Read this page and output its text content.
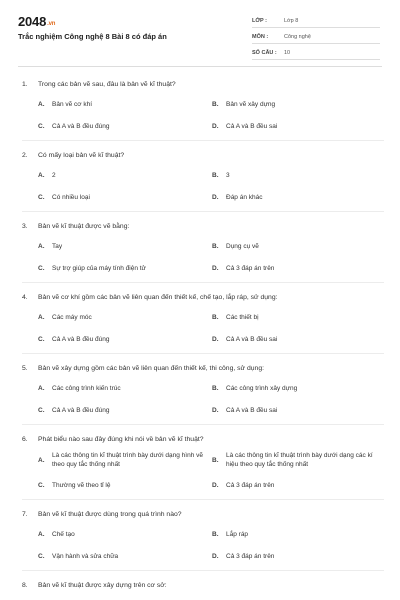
2048.vn
Trắc nghiệm Công nghệ 8 Bài 8 có đáp án
LỚP :	Lớp 8
MÔN :	Công nghệ
SỐ CÂU :	10
1.	Trong các bản vẽ sau, đâu là bản vẽ kĩ thuật?
A.	Bản vẽ cơ khí	B.	Bản vẽ xây dựng
C.	Cả A và B đều đúng	D.	Cả A và B đều sai
2.	Có mấy loại bản vẽ kĩ thuật?
A.	2	B.	3
C.	Có nhiều loại	D.	Đáp án khác
3.	Bản vẽ kĩ thuật được vẽ bằng:
A.	Tay	B.	Dụng cụ vẽ
C.	Sự trợ giúp của máy tính điện tử	D.	Cả 3 đáp án trên
4.	Bản vẽ cơ khí gồm các bản vẽ liên quan đến thiết kế, chế tạo, lắp ráp, sử dụng:
A.	Các máy móc	B.	Các thiết bị
C.	Cả A và B đều đúng	D.	Cả A và B đều sai
5.	Bản vẽ xây dựng gồm các bản vẽ liên quan đến thiết kế, thi công, sử dụng:
A.	Các công trình kiến trúc	B.	Các công trình xây dựng
C.	Cả A và B đều đúng	D.	Cả A và B đều sai
6.	Phát biểu nào sau đây đúng khi nói về bản vẽ kĩ thuật?
A.
Là các thông tin kĩ thuật trình bày dưới dạng hình vẽ theo quy tắc thống nhất
B.
Là các thông tin kĩ thuật trình bày dưới dạng các kí hiệu theo quy tắc thống nhất
C.	Thường vẽ theo tỉ lệ	D.	Cả 3 đáp án trên
7.	Bản vẽ kĩ thuật được dùng trong quá trình nào?
A.	Chế tạo	B.	Lắp ráp
C.	Vận hành và sửa chữa	D.	Cả 3 đáp án trên
8.	Bản vẽ kĩ thuật được xây dựng trên cơ sở:
